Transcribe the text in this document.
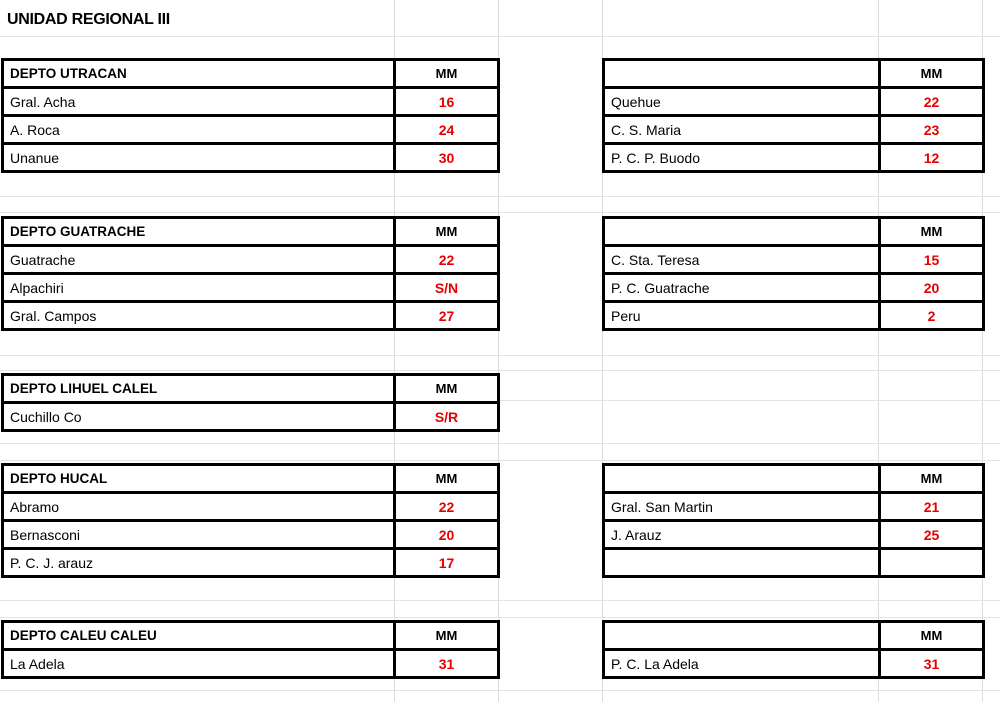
UNIDAD REGIONAL III
DEPTO UTRACAN	MM
Gral. Acha	16
A. Roca	24
Unanue	30
	MM
Quehue	22
C. S. Maria	23
P. C. P. Buodo	12
DEPTO GUATRACHE	MM
Guatrache	22
Alpachiri	S/N
Gral. Campos	27
	MM
C. Sta. Teresa	15
P. C. Guatrache	20
Peru	2
DEPTO LIHUEL CALEL	MM
Cuchillo Co	S/R
DEPTO HUCAL	MM
Abramo	22
Bernasconi	20
P. C. J. arauz	17
	MM
Gral. San Martin	21
J. Arauz	25

DEPTO CALEU CALEU	MM
La Adela	31
	MM
P. C. La Adela	31
